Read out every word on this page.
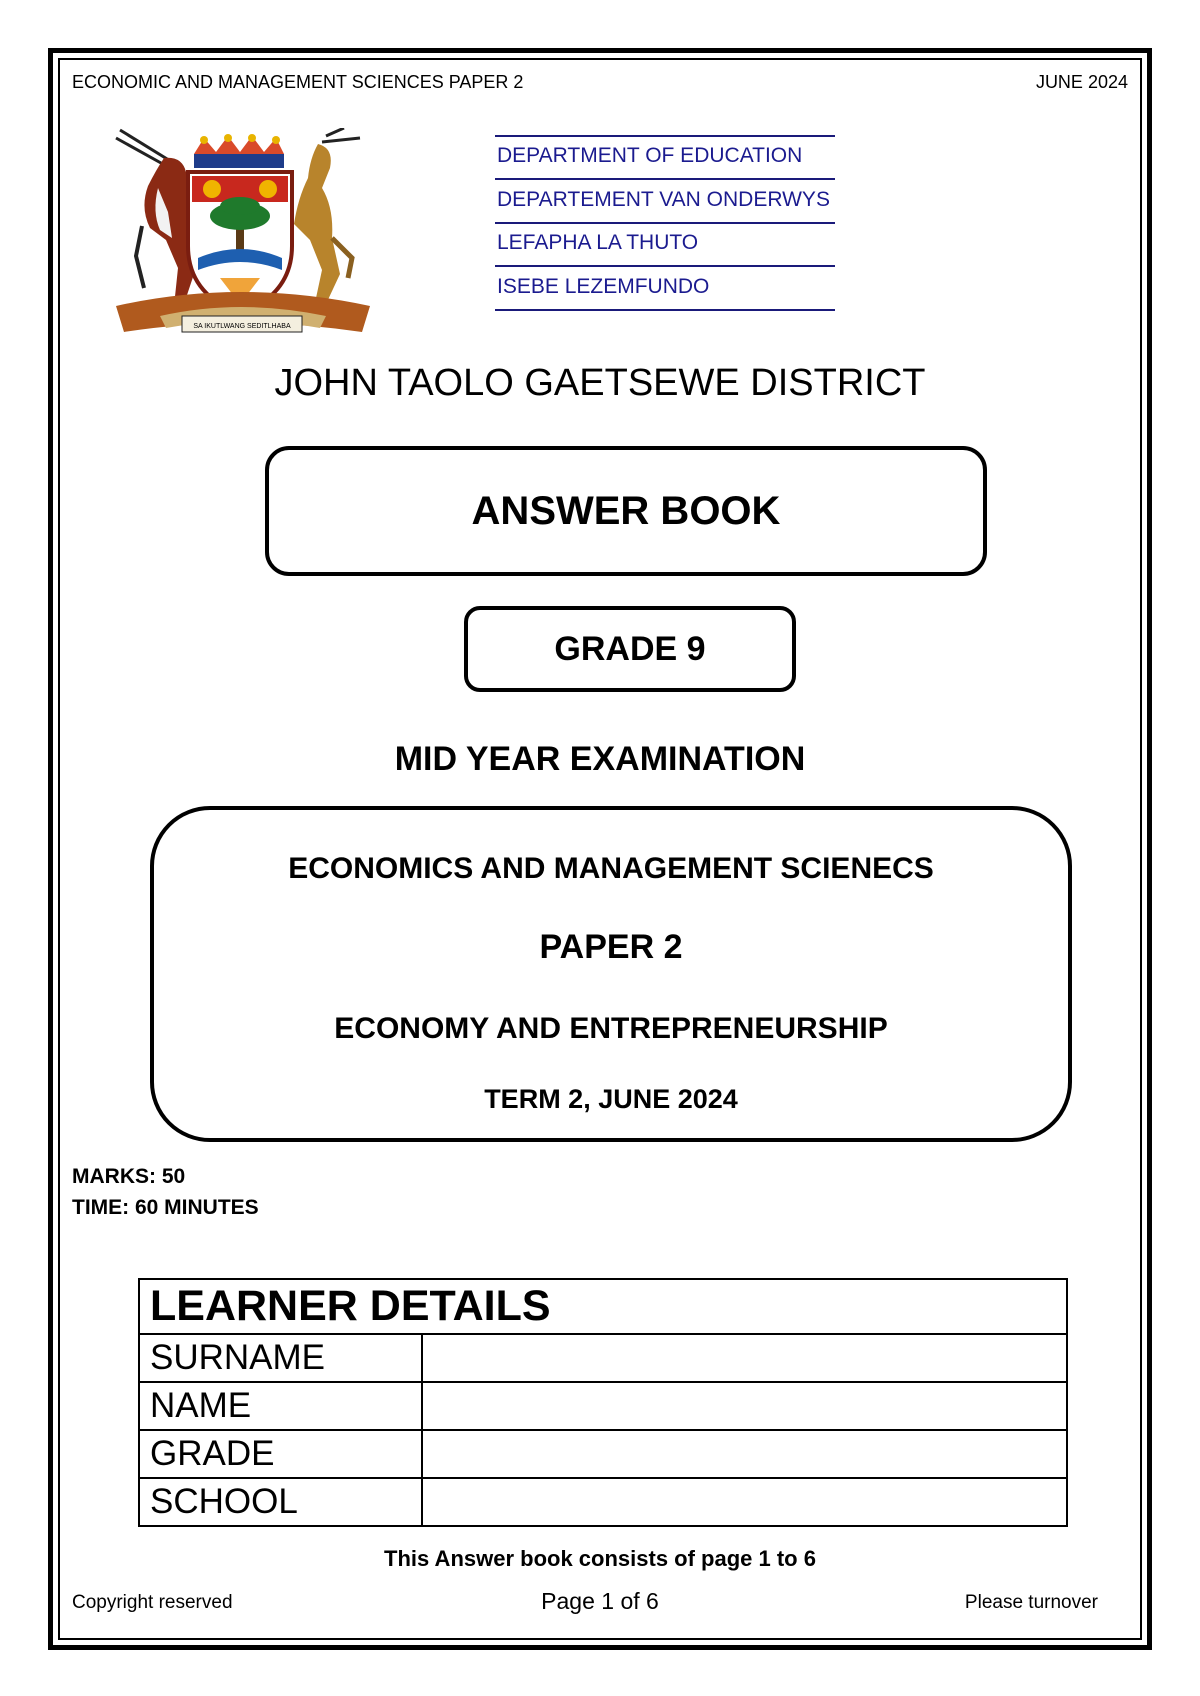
ECONOMIC AND MANAGEMENT SCIENCES PAPER 2	JUNE 2024
SA IKUTLWANG SEDITLHABA
DEPARTMENT OF EDUCATION
DEPARTEMENT VAN ONDERWYS
LEFAPHA LA THUTO
ISEBE LEZEMFUNDO
JOHN TAOLO GAETSEWE DISTRICT
ANSWER BOOK
GRADE 9
MID YEAR EXAMINATION
ECONOMICS AND MANAGEMENT SCIENECS
PAPER 2
ECONOMY AND ENTREPRENEURSHIP
TERM 2, JUNE 2024
MARKS: 50
TIME: 60 MINUTES
LEARNER DETAILS	
SURNAME	
NAME	
GRADE	
SCHOOL	
This Answer book consists of page 1 to 6
Copyright reserved	Page 1 of 6	Please turnover
